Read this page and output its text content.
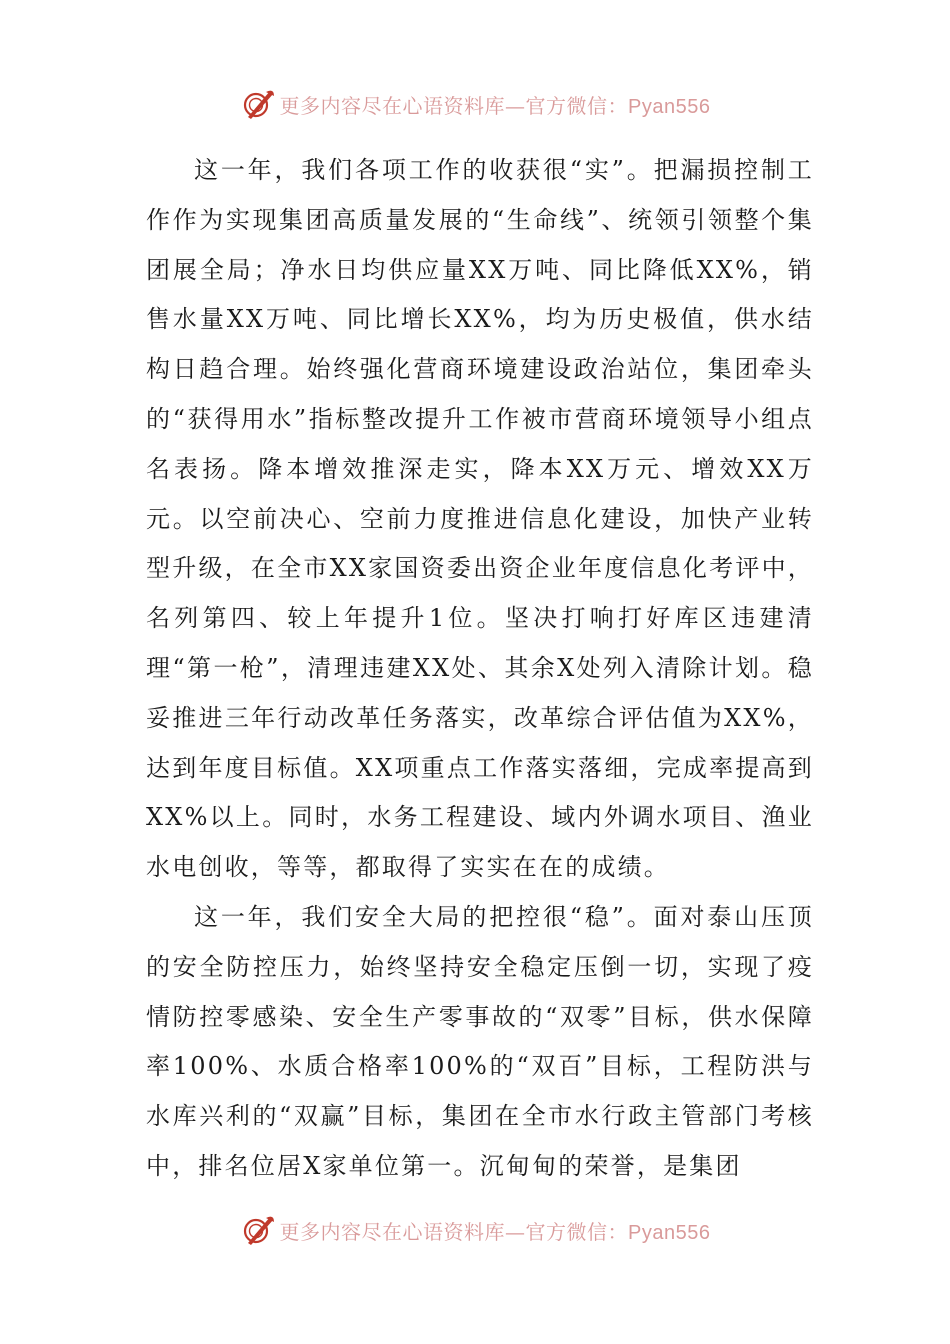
更多内容尽在心语资料库—官方微信：Pyan556

这一年，我们各项工作的收获很“实”。把漏损控制工作作为实现集团高质量发展的“生命线”、统领引领整个集团展全局；净水日均供应量XX万吨、同比降低XX%，销售水量XX万吨、同比增长XX%，均为历史极值，供水结构日趋合理。始终强化营商环境建设政治站位，集团牵头的“获得用水”指标整改提升工作被市营商环境领导小组点名表扬。降本增效推深走实，降本XX万元、增效XX万元。以空前决心、空前力度推进信息化建设，加快产业转型升级，在全市XX家国资委出资企业年度信息化考评中，名列第四、较上年提升1位。坚决打响打好库区违建清理“第一枪”，清理违建XX处、其余X处列入清除计划。稳妥推进三年行动改革任务落实，改革综合评估值为XX%，达到年度目标值。XX项重点工作落实落细，完成率提高到XX%以上。同时，水务工程建设、域内外调水项目、渔业水电创收，等等，都取得了实实在在的成绩。

这一年，我们安全大局的把控很“稳”。面对泰山压顶的安全防控压力，始终坚持安全稳定压倒一切，实现了疫情防控零感染、安全生产零事故的“双零”目标，供水保障率100%、水质合格率100%的“双百”目标，工程防洪与水库兴利的“双赢”目标，集团在全市水行政主管部门考核中，排名位居X家单位第一。沉甸甸的荣誉，是集团

更多内容尽在心语资料库—官方微信：Pyan556
